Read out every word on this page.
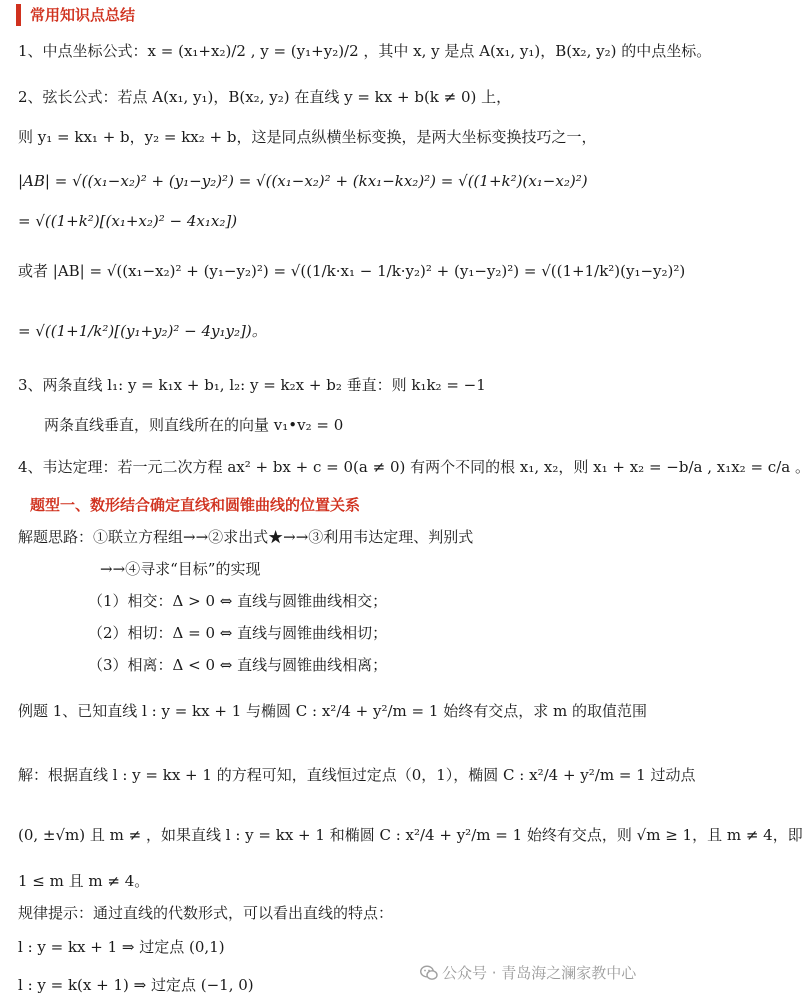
常用知识点总结
1、中点坐标公式：x = (x₁+x₂)/2 , y = (y₁+y₂)/2 ，其中 x, y 是点 A(x₁, y₁)，B(x₂, y₂) 的中点坐标。
2、弦长公式：若点 A(x₁, y₁)，B(x₂, y₂) 在直线 y = kx + b(k ≠ 0) 上，
则 y₁ = kx₁ + b，y₂ = kx₂ + b，这是同点纵横坐标变换，是两大坐标变换技巧之一，
|AB| = √((x₁−x₂)² + (y₁−y₂)²) = √((x₁−x₂)² + (kx₁−kx₂)²) = √((1+k²)(x₁−x₂)²)
= √((1+k²)[(x₁+x₂)² − 4x₁x₂])
或者 |AB| = √((x₁−x₂)² + (y₁−y₂)²) = √((1/k·x₁ − 1/k·y₂)² + (y₁−y₂)²) = √((1+1/k²)(y₁−y₂)²)
= √((1+1/k²)[(y₁+y₂)² − 4y₁y₂])。
3、两条直线 l₁: y = k₁x + b₁, l₂: y = k₂x + b₂ 垂直：则 k₁k₂ = −1
两条直线垂直，则直线所在的向量 v₁•v₂ = 0
4、韦达定理：若一元二次方程 ax² + bx + c = 0(a ≠ 0) 有两个不同的根 x₁, x₂，则 x₁ + x₂ = −b/a , x₁x₂ = c/a 。
题型一、数形结合确定直线和圆锥曲线的位置关系
解题思路：①联立方程组→→②求出式★→→③利用韦达定理、判别式
→→④寻求“目标”的实现
（1）相交：Δ > 0 ⇔ 直线与圆锥曲线相交；
（2）相切：Δ = 0 ⇔ 直线与圆锥曲线相切；
（3）相离：Δ < 0 ⇔ 直线与圆锥曲线相离；
例题 1、已知直线 l : y = kx + 1 与椭圆 C : x²/4 + y²/m = 1 始终有交点，求 m 的取值范围
解：根据直线 l : y = kx + 1 的方程可知，直线恒过定点（0，1），椭圆 C : x²/4 + y²/m = 1 过动点
(0, ±√m) 且 m ≠ ，如果直线 l : y = kx + 1 和椭圆 C : x²/4 + y²/m = 1 始终有交点，则 √m ≥ 1，且 m ≠ 4，即
1 ≤ m 且 m ≠ 4。
规律提示：通过直线的代数形式，可以看出直线的特点：
l : y = kx + 1 ⇒ 过定点 (0,1)
l : y = k(x + 1) ⇒ 过定点 (−1, 0)
公众号 · 青岛海之澜家教中心
